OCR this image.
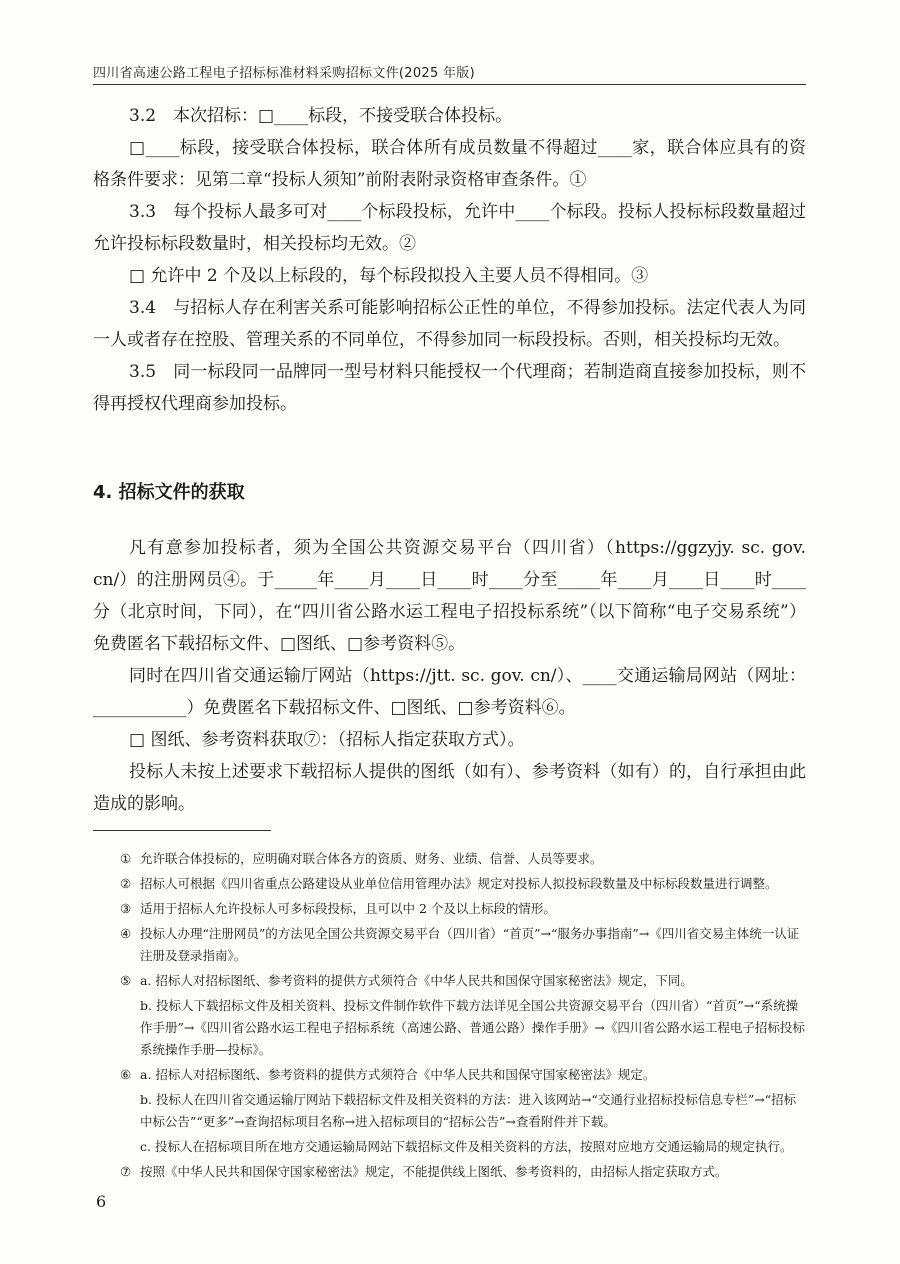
四川省高速公路工程电子招标标准材料采购招标文件(2025 年版)
3.2　本次招标：□____标段，不接受联合体投标。
□____标段，接受联合体投标，联合体所有成员数量不得超过____家，联合体应具有的资格条件要求：见第二章“投标人须知”前附表附录资格审查条件。①
3.3　每个投标人最多可对____个标段投标，允许中____个标段。投标人投标标段数量超过允许投标标段数量时，相关投标均无效。②
□ 允许中 2 个及以上标段的，每个标段拟投入主要人员不得相同。③
3.4　与招标人存在利害关系可能影响招标公正性的单位，不得参加投标。法定代表人为同一人或者存在控股、管理关系的不同单位，不得参加同一标段投标。否则，相关投标均无效。
3.5　同一标段同一品牌同一型号材料只能授权一个代理商；若制造商直接参加投标，则不得再授权代理商参加投标。
4. 招标文件的获取
凡有意参加投标者，须为全国公共资源交易平台（四川省）（https://ggzyjy. sc. gov. cn/）的注册网员④。于_____年____月____日____时____分至_____年____月____日____时____分（北京时间，下同），在“四川省公路水运工程电子招投标系统”（以下简称“电子交易系统”）免费匿名下载招标文件、□图纸、□参考资料⑤。
同时在四川省交通运输厅网站（https://jtt. sc. gov. cn/）、____交通运输局网站（网址：___________）免费匿名下载招标文件、□图纸、□参考资料⑥。
□ 图纸、参考资料获取⑦：（招标人指定获取方式）。
投标人未按上述要求下载招标人提供的图纸（如有）、参考资料（如有）的，自行承担由此造成的影响。
① 允许联合体投标的，应明确对联合体各方的资质、财务、业绩、信誉、人员等要求。
② 招标人可根据《四川省重点公路建设从业单位信用管理办法》规定对投标人拟投标段数量及中标标段数量进行调整。
③ 适用于招标人允许投标人可多标段投标，且可以中 2 个及以上标段的情形。
④ 投标人办理“注册网员”的方法见全国公共资源交易平台（四川省）“首页”→“服务办事指南”→《四川省交易主体统一认证注册及登录指南》。
⑤ a. 招标人对招标图纸、参考资料的提供方式须符合《中华人民共和国保守国家秘密法》规定，下同。
b. 投标人下载招标文件及相关资料、投标文件制作软件下载方法详见全国公共资源交易平台（四川省）“首页”→“系统操作手册”→《四川省公路水运工程电子招标系统（高速公路、普通公路）操作手册》→《四川省公路水运工程电子招标投标系统操作手册—投标》。
⑥ a. 招标人对招标图纸、参考资料的提供方式须符合《中华人民共和国保守国家秘密法》规定。
b. 投标人在四川省交通运输厅网站下载招标文件及相关资料的方法：进入该网站→“交通行业招标投标信息专栏”→“招标中标公告”“更多”→查询招标项目名称→进入招标项目的“招标公告”→查看附件并下载。
c. 投标人在招标项目所在地方交通运输局网站下载招标文件及相关资料的方法，按照对应地方交通运输局的规定执行。
⑦ 按照《中华人民共和国保守国家秘密法》规定，不能提供线上图纸、参考资料的，由招标人指定获取方式。
6
